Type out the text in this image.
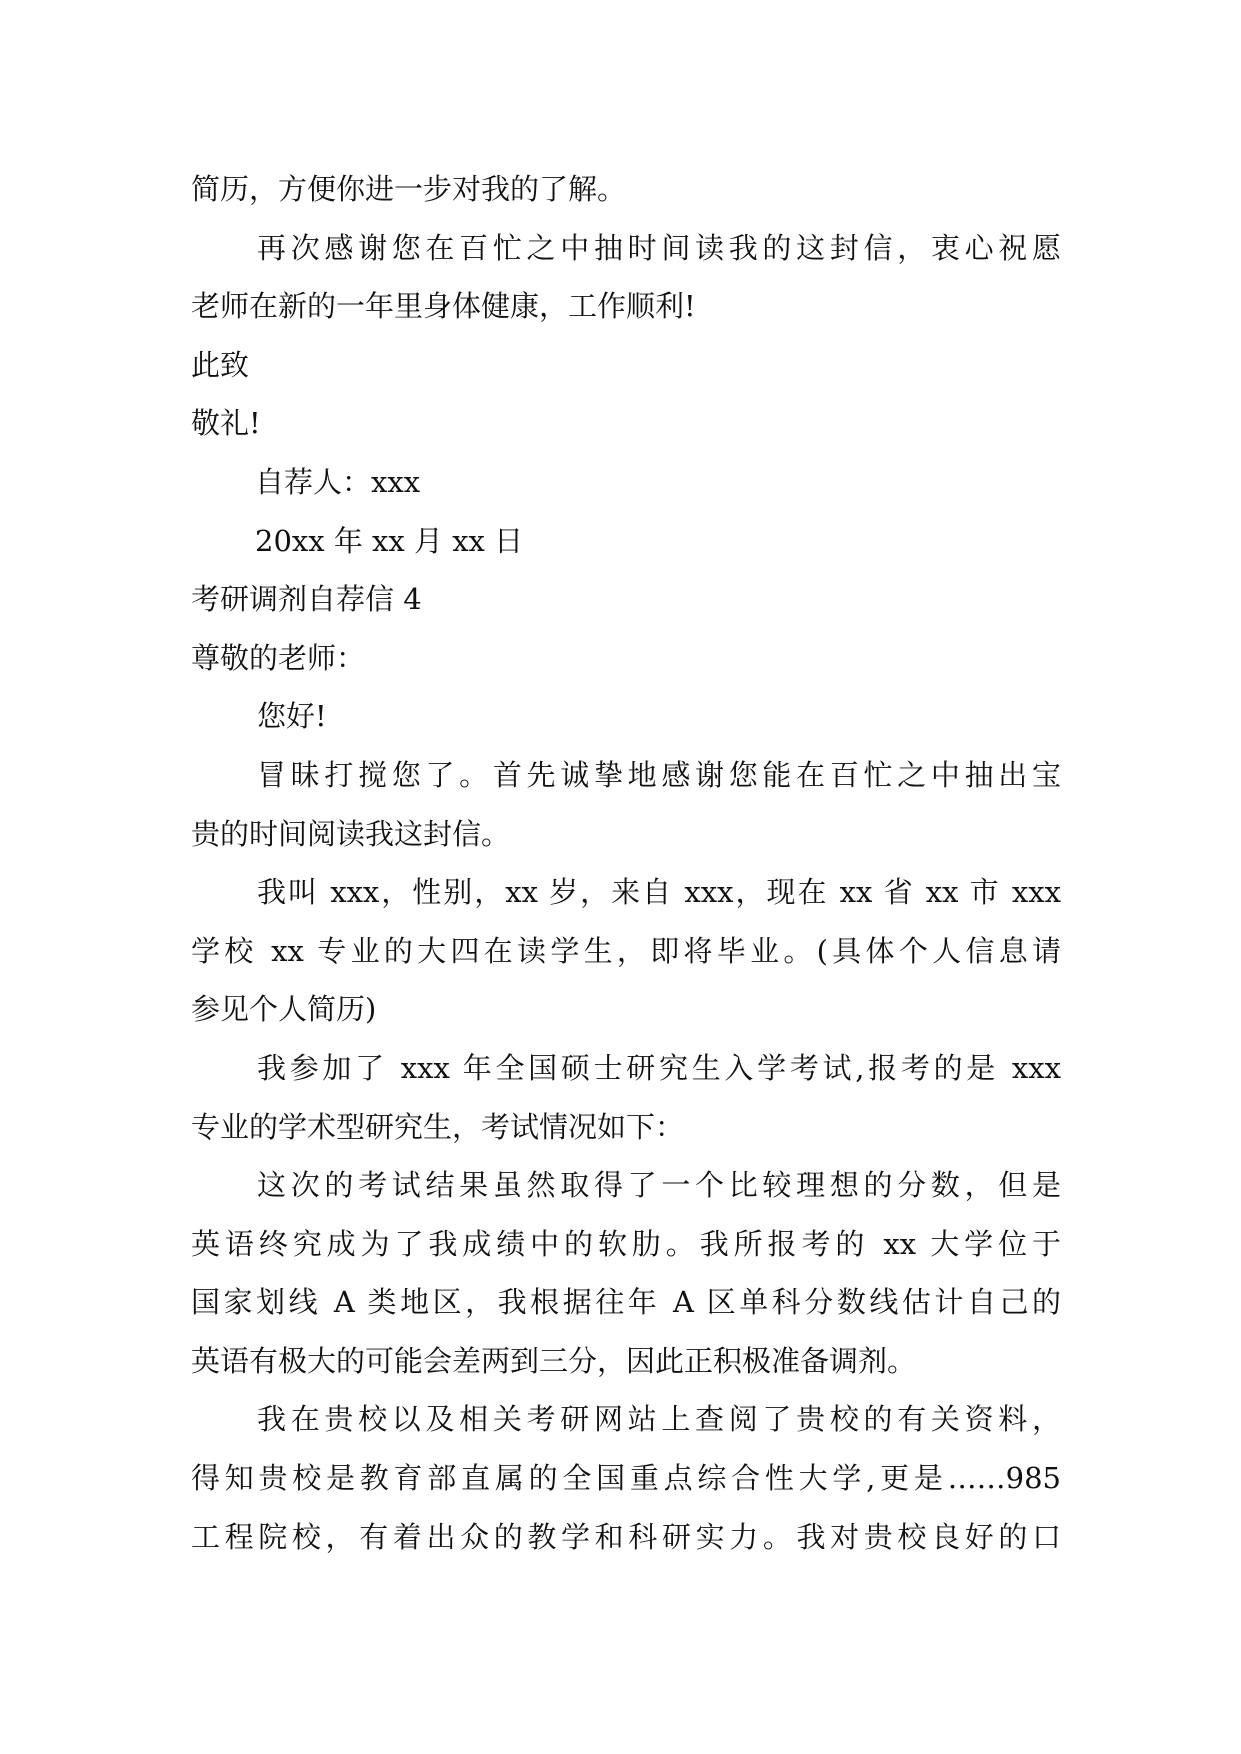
简历，方便你进一步对我的了解。
再次感谢您在百忙之中抽时间读我的这封信，衷心祝愿
老师在新的一年里身体健康，工作顺利!
此致
敬礼!
自荐人：xxx
20xx 年 xx 月 xx 日
考研调剂自荐信 4
尊敬的老师：
您好!
冒昧打搅您了。首先诚挚地感谢您能在百忙之中抽出宝
贵的时间阅读我这封信。
我叫 xxx，性别，xx 岁，来自 xxx，现在 xx 省 xx 市 xxx
学校 xx 专业的大四在读学生，即将毕业。(具体个人信息请
参见个人简历)
我参加了 xxx 年全国硕士研究生入学考试,报考的是 xxx
专业的学术型研究生，考试情况如下：
这次的考试结果虽然取得了一个比较理想的分数，但是
英语终究成为了我成绩中的软肋。我所报考的 xx 大学位于
国家划线 A 类地区，我根据往年 A 区单科分数线估计自己的
英语有极大的可能会差两到三分，因此正积极准备调剂。
我在贵校以及相关考研网站上查阅了贵校的有关资料，
得知贵校是教育部直属的全国重点综合性大学,更是……985
工程院校，有着出众的教学和科研实力。我对贵校良好的口
